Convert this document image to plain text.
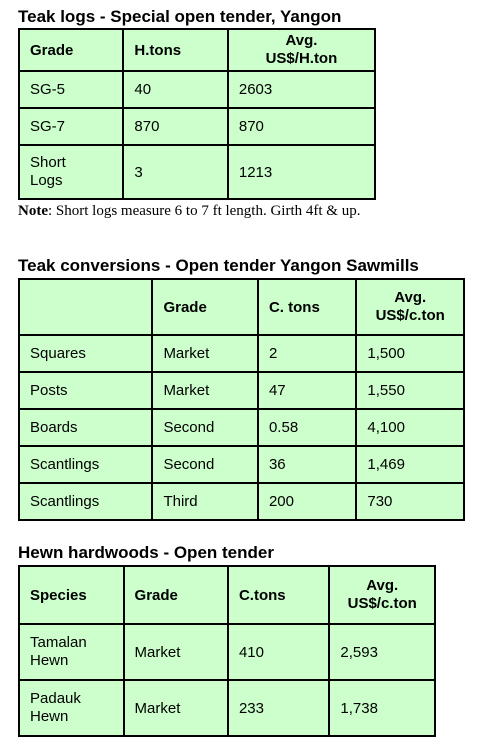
Teak logs - Special open tender, Yangon
Grade	H.tons	Avg.
US$/H.ton
SG-5	40	2603
SG-7	870	870
Short
Logs	3	1213
Note: Short logs measure 6 to 7 ft length. Girth 4ft & up.
Teak conversions - Open tender Yangon Sawmills
	Grade	C. tons	Avg.
US$/c.ton
Squares	Market	2	1,500
Posts	Market	47	1,550
Boards	Second	0.58	4,100
Scantlings	Second	36	1,469
Scantlings	Third	200	730
Hewn hardwoods - Open tender
Species	Grade	C.tons	Avg.
US$/c.ton
Tamalan
Hewn	Market	410	2,593
Padauk
Hewn	Market	233	1,738
